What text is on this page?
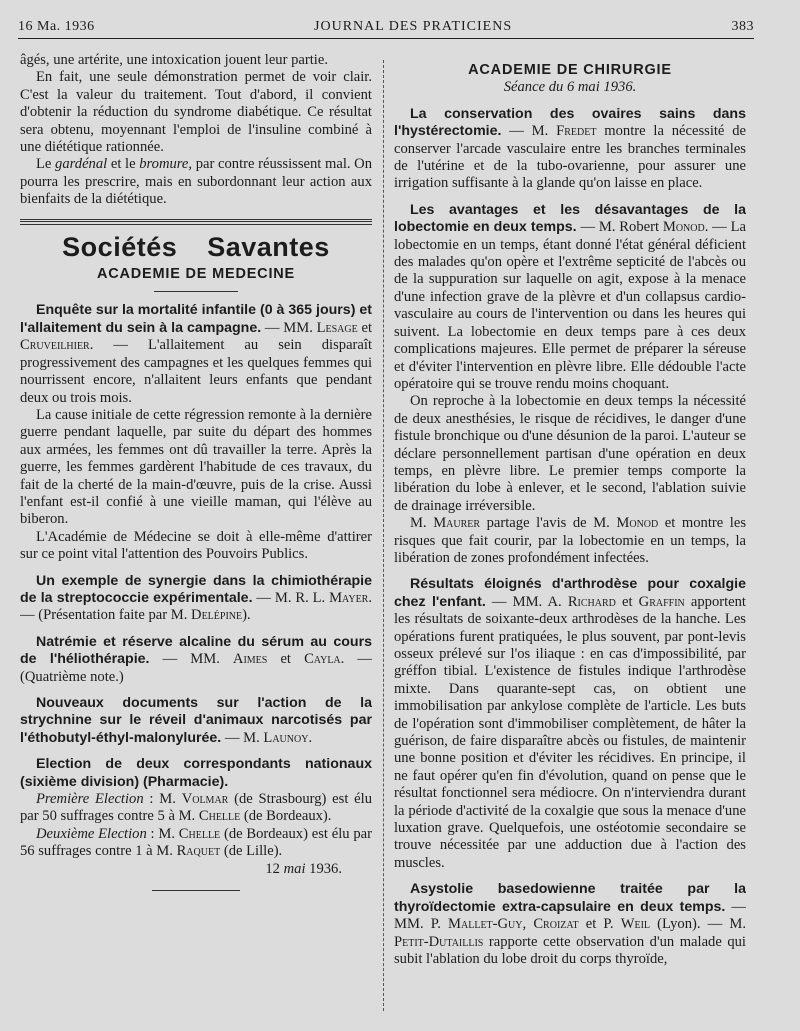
16 Ma. 1936	JOURNAL DES PRATICIENS	383

âgés, une artérite, une intoxication jouent leur partie.

En fait, une seule démonstration permet de voir clair. C'est la valeur du traitement. Tout d'abord, il convient d'obtenir la réduction du syndrome diabétique. Ce résultat sera obtenu, moyennant l'emploi de l'insuline combiné à une diététique rationnée.

Le gardénal et le bromure, par contre réussissent mal. On pourra les prescrire, mais en subordonnant leur action aux bienfaits de la diététique.

Sociétés Savantes
ACADEMIE DE MEDECINE

Enquête sur la mortalité infantile (0 à 365 jours) et l'allaitement du sein à la campagne. — MM. Lesage et Cruveilhier. — L'allaitement au sein disparaît progressivement des campagnes et les quelques femmes qui nourrissent encore, n'allaitent leurs enfants que pendant deux ou trois mois.

La cause initiale de cette régression remonte à la dernière guerre pendant laquelle, par suite du départ des hommes aux armées, les femmes ont dû travailler la terre. Après la guerre, les femmes gardèrent l'habitude de ces travaux, du fait de la cherté de la main-d'œuvre, puis de la crise. Aussi l'enfant est-il confié à une vieille maman, qui l'élève au biberon.

L'Académie de Médecine se doit à elle-même d'attirer sur ce point vital l'attention des Pouvoirs Publics.

Un exemple de synergie dans la chimiothérapie de la streptococcie expérimentale. — M. R. L. Mayer. — (Présentation faite par M. Delépine).

Natrémie et réserve alcaline du sérum au cours de l'héliothérapie. — MM. Aimes et Cayla. — (Quatrième note.)

Nouveaux documents sur l'action de la strychnine sur le réveil d'animaux narcotisés par l'éthobutyl-éthyl-malonylurée. — M. Launoy.

Election de deux correspondants nationaux (sixième division) (Pharmacie).

Première Election : M. Volmar (de Strasbourg) est élu par 50 suffrages contre 5 à M. Chelle (de Bordeaux).

Deuxième Election : M. Chelle (de Bordeaux) est élu par 56 suffrages contre 1 à M. Raquet (de Lille).

12 mai 1936.

ACADEMIE DE CHIRURGIE

Séance du 6 mai 1936.

La conservation des ovaires sains dans l'hystérectomie. — M. Fredet montre la nécessité de conserver l'arcade vasculaire entre les branches terminales de l'utérine et de la tubo-ovarienne, pour assurer une irrigation suffisante à la glande qu'on laisse en place.

Les avantages et les désavantages de la lobectomie en deux temps. — M. Robert Monod. — La lobectomie en un temps, étant donné l'état général déficient des malades qu'on opère et l'extrême septicité de l'abcès ou de la suppuration sur laquelle on agit, expose à la menace d'une infection grave de la plèvre et d'un collapsus cardio-vasculaire au cours de l'intervention ou dans les heures qui suivent. La lobectomie en deux temps pare à ces deux complications majeures. Elle permet de préparer la séreuse et d'éviter l'intervention en plèvre libre. Elle dédouble l'acte opératoire qui se trouve rendu moins choquant.

On reproche à la lobectomie en deux temps la nécessité de deux anesthésies, le risque de récidives, le danger d'une fistule bronchique ou d'une désunion de la paroi. L'auteur se déclare personnellement partisan d'une opération en deux temps, en plèvre libre. Le premier temps comporte la libération du lobe à enlever, et le second, l'ablation suivie de drainage irréversible.

M. Maurer partage l'avis de M. Monod et montre les risques que fait courir, par la lobectomie en un temps, la libération de zones profondément infectées.

Résultats éloignés d'arthrodèse pour coxalgie chez l'enfant. — MM. A. Richard et Graffin apportent les résultats de soixante-deux arthrodèses de la hanche. Les opérations furent pratiquées, le plus souvent, par pont-levis osseux prélevé sur l'os iliaque : en cas d'impossibilité, par gréffon tibial. L'existence de fistules indique l'arthrodèse mixte. Dans quarante-sept cas, on obtient une immobilisation par ankylose complète de l'article. Les buts de l'opération sont d'immobiliser complètement, de hâter la guérison, de faire disparaître abcès ou fistules, de maintenir une bonne position et d'éviter les récidives. En principe, il ne faut opérer qu'en fin d'évolution, quand on pense que le résultat fonctionnel sera médiocre. On n'interviendra durant la période d'activité de la coxalgie que sous la menace d'une luxation grave. Quelquefois, une ostéotomie secondaire se trouve nécessitée par une adduction due à l'action des muscles.

Asystolie basedowienne traitée par la thyroïdectomie extra-capsulaire en deux temps. — MM. P. Mallet-Guy, Croizat et P. Weil (Lyon). — M. Petit-Dutaillis rapporte cette observation d'un malade qui subit l'ablation du lobe droit du corps thyroïde,
